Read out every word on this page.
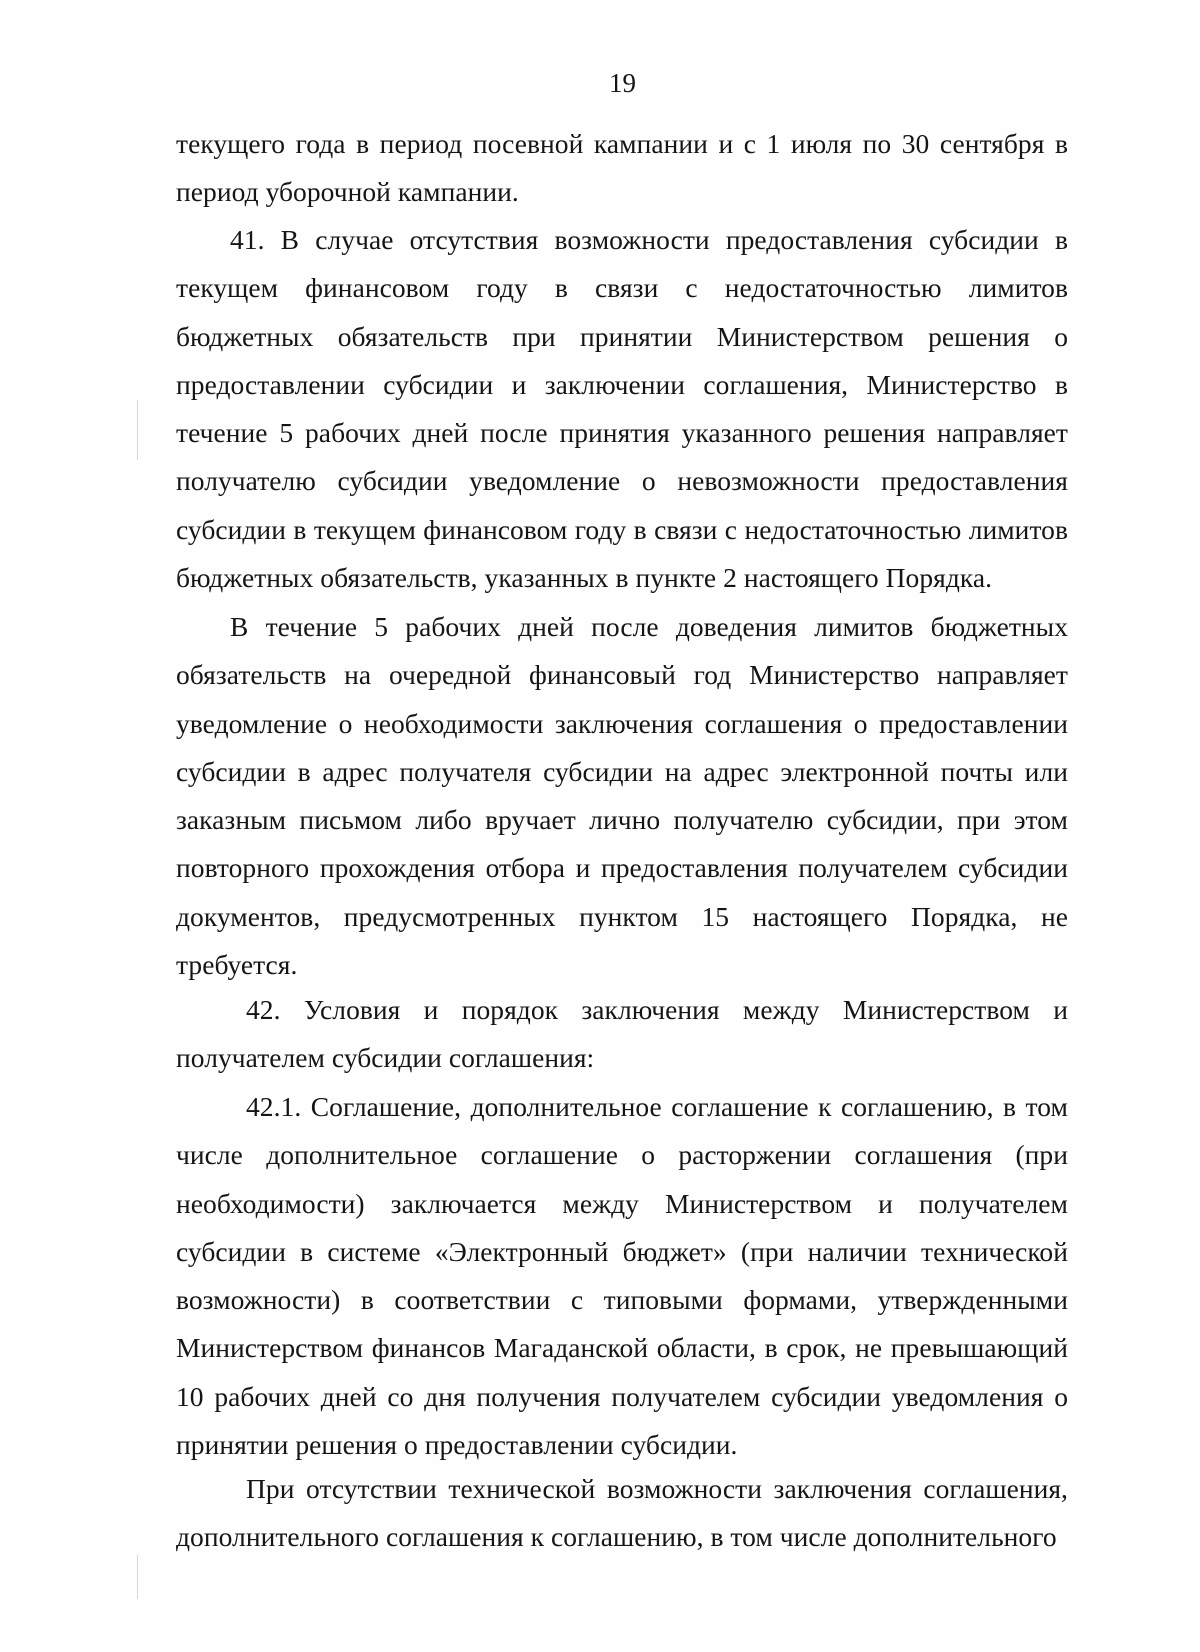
19

текущего года в период посевной кампании и с 1 июля по 30 сентября в период уборочной кампании.

41. В случае отсутствия возможности предоставления субсидии в текущем финансовом году в связи с недостаточностью лимитов бюджетных обязательств при принятии Министерством решения о предоставлении субсидии и заключении соглашения, Министерство в течение 5 рабочих дней после принятия указанного решения направляет получателю субсидии уведомление о невозможности предоставления субсидии в текущем финансовом году в связи с недостаточностью лимитов бюджетных обязательств, указанных в пункте 2 настоящего Порядка.

В течение 5 рабочих дней после доведения лимитов бюджетных обязательств на очередной финансовый год Министерство направляет уведомление о необходимости заключения соглашения о предоставлении субсидии в адрес получателя субсидии на адрес электронной почты или заказным письмом либо вручает лично получателю субсидии, при этом повторного прохождения отбора и предоставления получателем субсидии документов, предусмотренных пунктом 15 настоящего Порядка, не требуется.

42. Условия и порядок заключения между Министерством и получателем субсидии соглашения:

42.1. Соглашение, дополнительное соглашение к соглашению, в том числе дополнительное соглашение о расторжении соглашения (при необходимости) заключается между Министерством и получателем субсидии в системе «Электронный бюджет» (при наличии технической возможности) в соответствии с типовыми формами, утвержденными Министерством финансов Магаданской области, в срок, не превышающий 10 рабочих дней со дня получения получателем субсидии уведомления о принятии решения о предоставлении субсидии.

При отсутствии технической возможности заключения соглашения, дополнительного соглашения к соглашению, в том числе дополнительного
